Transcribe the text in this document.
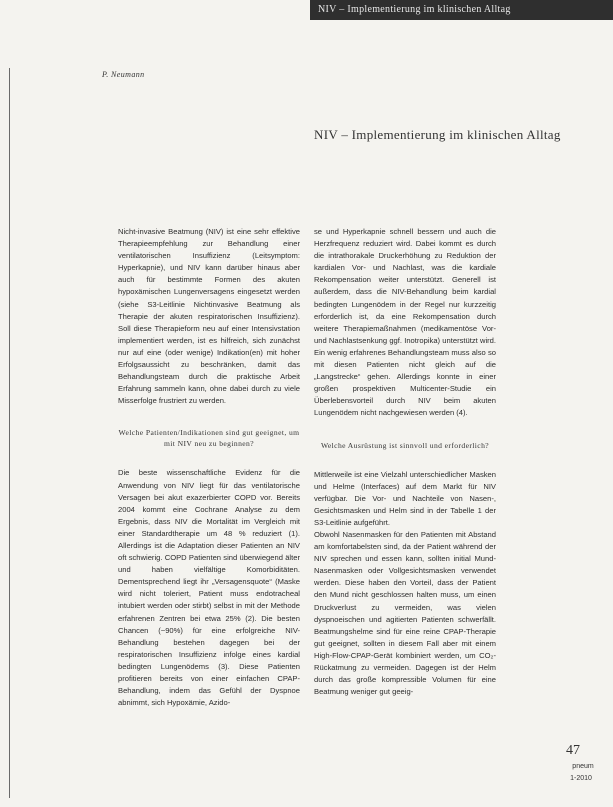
NIV – Implementierung im klinischen Alltag
P. Neumann
NIV – Implementierung im klinischen Alltag

Nicht-invasive Beatmung (NIV) ist eine sehr effektive Therapieempfehlung zur Behandlung einer ventilatorischen Insuffizienz (Leitsymptom: Hyperkapnie), und NIV kann darüber hinaus aber auch für bestimmte Formen des akuten hypoxämischen Lungenversagens eingesetzt werden (siehe S3-Leitlinie Nichtinvasive Beatmung als Therapie der akuten respiratorischen Insuffizienz). Soll diese Therapieform neu auf einer Intensivstation implementiert werden, ist es hilfreich, sich zunächst nur auf eine (oder wenige) Indikation(en) mit hoher Erfolgsaussicht zu beschränken, damit das Behandlungsteam durch die praktische Arbeit Erfahrung sammeln kann, ohne dabei durch zu viele Misserfolge frustriert zu werden.

Welche Patienten/Indikationen sind gut geeignet, um mit NIV neu zu beginnen?

Die beste wissenschaftliche Evidenz für die Anwendung von NIV liegt für das ventilatorische Versagen bei akut exazerbierter COPD vor. Bereits 2004 kommt eine Cochrane Analyse zu dem Ergebnis, dass NIV die Mortalität im Vergleich mit einer Standardtherapie um 48 % reduziert (1). Allerdings ist die Adaptation dieser Patienten an NIV oft schwierig. COPD Patienten sind überwiegend älter und haben vielfältige Komorbiditäten. Dementsprechend liegt ihr „Versagensquote“ (Maske wird nicht toleriert, Patient muss endotracheal intubiert werden oder stirbt) selbst in mit der Methode erfahrenen Zentren bei etwa 25% (2). Die besten Chancen (~90%) für eine erfolgreiche NIV-Behandlung bestehen dagegen bei der respiratorischen Insuffizienz infolge eines kardial bedingten Lungenödems (3). Diese Patienten profitieren bereits von einer einfachen CPAP-Behandlung, indem das Gefühl der Dyspnoe abnimmt, sich Hypoxämie, Azido-

se und Hyperkapnie schnell bessern und auch die Herzfrequenz reduziert wird. Dabei kommt es durch die intrathorakale Druckerhöhung zu Reduktion der kardialen Vor- und Nachlast, was die kardiale Rekompensation weiter unterstützt. Generell ist außerdem, dass die NIV-Behandlung beim kardial bedingten Lungenödem in der Regel nur kurzzeitig erforderlich ist, da eine Rekompensation durch weitere Therapiemaßnahmen (medikamentöse Vor- und Nachlastsenkung ggf. Inotropika) unterstützt wird. Ein wenig erfahrenes Behandlungsteam muss also so mit diesen Patienten nicht gleich auf die „Langstrecke“ gehen. Allerdings konnte in einer großen prospektiven Multicenter-Studie ein Überlebensvorteil durch NIV beim akuten Lungenödem nicht nachgewiesen werden (4).

Welche Ausrüstung ist sinnvoll und erforderlich?

Mittlerweile ist eine Vielzahl unterschiedlicher Masken und Helme (Interfaces) auf dem Markt für NIV verfügbar. Die Vor- und Nachteile von Nasen-, Gesichtsmasken und Helm sind in der Tabelle 1 der S3-Leitlinie aufgeführt.

Obwohl Nasenmasken für den Patienten mit Abstand am komfortabelsten sind, da der Patient während der NIV sprechen und essen kann, sollten initial Mund-Nasenmasken oder Vollgesichtsmasken verwendet werden. Diese haben den Vorteil, dass der Patient den Mund nicht geschlossen halten muss, um einen Druckverlust zu vermeiden, was vielen dyspnoeischen und agitierten Patienten schwerfällt. Beatmungshelme sind für eine reine CPAP-Therapie gut geeignet, sollten in diesem Fall aber mit einem High-Flow-CPAP-Gerät kombiniert werden, um CO₂-Rückatmung zu vermeiden. Dagegen ist der Helm durch das große kompressible Volumen für eine Beatmung weniger gut geeig-

47
pneum
1-2010
